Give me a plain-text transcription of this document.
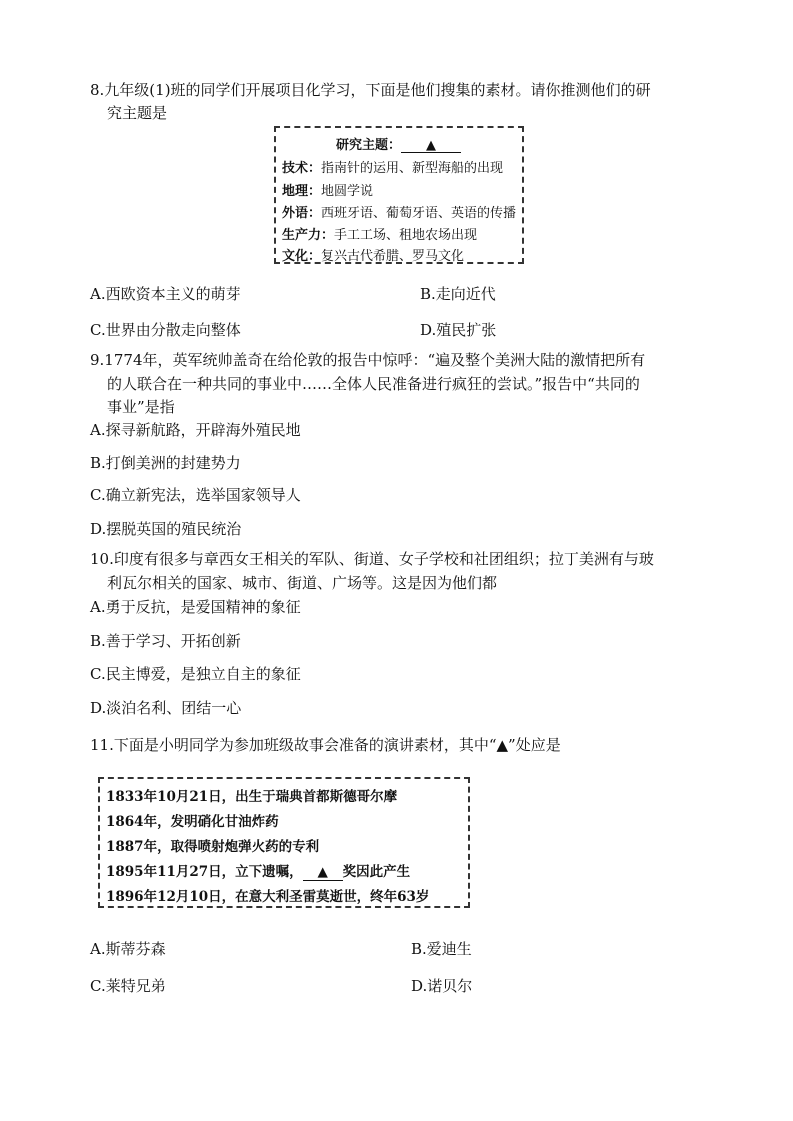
8.九年级(1)班的同学们开展项目化学习，下面是他们搜集的素材。请你推测他们的研
究主题是
研究主题： ▲
技术：指南针的运用、新型海船的出现
地理：地圆学说
外语：西班牙语、葡萄牙语、英语的传播
生产力：手工工场、租地农场出现
文化：复兴古代希腊、罗马文化
A.西欧资本主义的萌芽	B.走向近代
C.世界由分散走向整体	D.殖民扩张
9.1774年，英军统帅盖奇在给伦敦的报告中惊呼：“遍及整个美洲大陆的激情把所有
的人联合在一种共同的事业中……全体人民准备进行疯狂的尝试。”报告中“共同的
事业”是指
A.探寻新航路，开辟海外殖民地
B.打倒美洲的封建势力
C.确立新宪法，选举国家领导人
D.摆脱英国的殖民统治
10.印度有很多与章西女王相关的军队、街道、女子学校和社团组织；拉丁美洲有与玻
利瓦尔相关的国家、城市、街道、广场等。这是因为他们都
A.勇于反抗，是爱国精神的象征
B.善于学习、开拓创新
C.民主博爱，是独立自主的象征
D.淡泊名利、团结一心
11.下面是小明同学为参加班级故事会准备的演讲素材，其中“▲”处应是
1833年10月21日，出生于瑞典首都斯德哥尔摩
1864年，发明硝化甘油炸药
1887年，取得喷射炮弹火药的专利
1895年11月27日，立下遗嘱， ▲ 奖因此产生
1896年12月10日，在意大利圣雷莫逝世，终年63岁
A.斯蒂芬森	B.爱迪生
C.莱特兄弟	D.诺贝尔
